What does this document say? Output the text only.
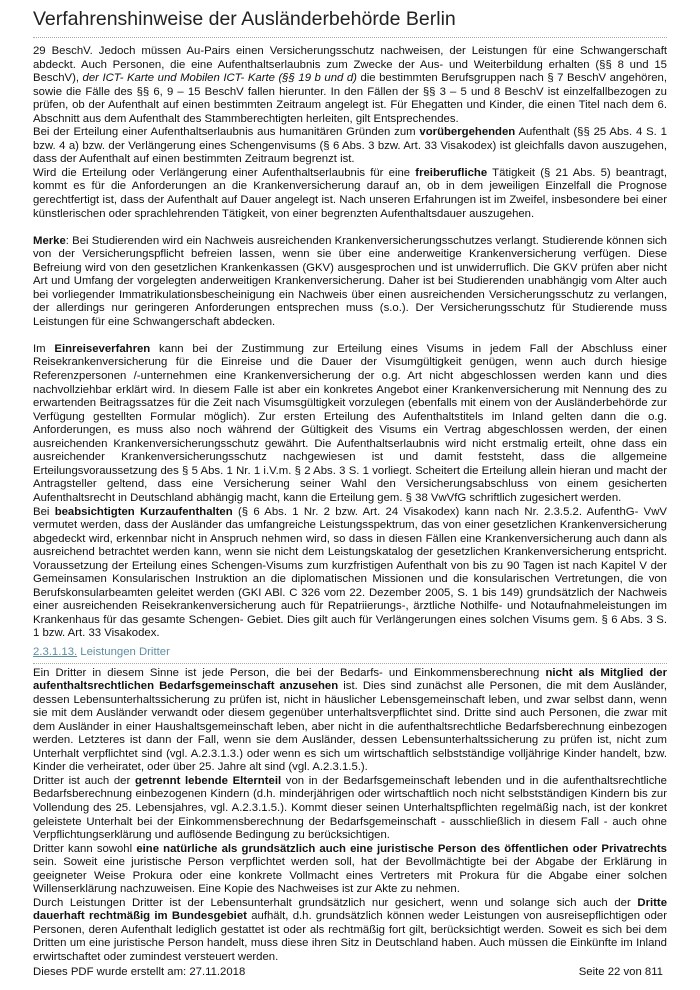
Verfahrenshinweise der Ausländerbehörde Berlin

29 BeschV. Jedoch müssen Au-Pairs einen Versicherungsschutz nachweisen, der Leistungen für eine Schwangerschaft abdeckt. Auch Personen, die eine Aufenthaltserlaubnis zum Zwecke der Aus- und Weiterbildung erhalten (§§ 8 und 15 BeschV), der ICT- Karte und Mobilen ICT- Karte (§§ 19 b und d) die bestimmten Berufsgruppen nach § 7 BeschV angehören, sowie die Fälle des §§ 6, 9 – 15 BeschV fallen hierunter. In den Fällen der §§ 3 – 5 und 8 BeschV ist einzelfallbezogen zu prüfen, ob der Aufenthalt auf einen bestimmten Zeitraum angelegt ist. Für Ehegatten und Kinder, die einen Titel nach dem 6. Abschnitt aus dem Aufenthalt des Stammberechtigten herleiten, gilt Entsprechendes.

Bei der Erteilung einer Aufenthaltserlaubnis aus humanitären Gründen zum vorübergehenden Aufenthalt (§§ 25 Abs. 4 S. 1 bzw. 4 a) bzw. der Verlängerung eines Schengenvisums (§ 6 Abs. 3 bzw. Art. 33 Visakodex) ist gleichfalls davon auszugehen, dass der Aufenthalt auf einen bestimmten Zeitraum begrenzt ist.

Wird die Erteilung oder Verlängerung einer Aufenthaltserlaubnis für eine freiberufliche Tätigkeit (§ 21 Abs. 5) beantragt, kommt es für die Anforderungen an die Krankenversicherung darauf an, ob in dem jeweiligen Einzelfall die Prognose gerechtfertigt ist, dass der Aufenthalt auf Dauer angelegt ist. Nach unseren Erfahrungen ist im Zweifel, insbesondere bei einer künstlerischen oder sprachlehrenden Tätigkeit, von einer begrenzten Aufenthaltsdauer auszugehen.

Merke: Bei Studierenden wird ein Nachweis ausreichenden Krankenversicherungsschutzes verlangt. Studierende können sich von der Versicherungspflicht befreien lassen, wenn sie über eine anderweitige Krankenversicherung verfügen. Diese Befreiung wird von den gesetzlichen Krankenkassen (GKV) ausgesprochen und ist unwiderruflich. Die GKV prüfen aber nicht Art und Umfang der vorgelegten anderweitigen Krankenversicherung. Daher ist bei Studierenden unabhängig vom Alter auch bei vorliegender Immatrikulationsbescheinigung ein Nachweis über einen ausreichenden Versicherungsschutz zu verlangen, der allerdings nur geringeren Anforderungen entsprechen muss (s.o.). Der Versicherungsschutz für Studierende muss Leistungen für eine Schwangerschaft abdecken.

Im Einreiseverfahren kann bei der Zustimmung zur Erteilung eines Visums in jedem Fall der Abschluss einer Reisekrankenversicherung für die Einreise und die Dauer der Visumgültigkeit genügen, wenn auch durch hiesige Referenzpersonen /-unternehmen eine Krankenversicherung der o.g. Art nicht abgeschlossen werden kann und dies nachvollziehbar erklärt wird. In diesem Falle ist aber ein konkretes Angebot einer Krankenversicherung mit Nennung des zu erwartenden Beitragssatzes für die Zeit nach Visumsgültigkeit vorzulegen (ebenfalls mit einem von der Ausländerbehörde zur Verfügung gestellten Formular möglich). Zur ersten Erteilung des Aufenthaltstitels im Inland gelten dann die o.g. Anforderungen, es muss also noch während der Gültigkeit des Visums ein Vertrag abgeschlossen werden, der einen ausreichenden Krankenversicherungsschutz gewährt. Die Aufenthaltserlaubnis wird nicht erstmalig erteilt, ohne dass ein ausreichender Krankenversicherungsschutz nachgewiesen ist und damit feststeht, dass die allgemeine Erteilungsvoraussetzung des § 5 Abs. 1 Nr. 1 i.V.m. § 2 Abs. 3 S. 1 vorliegt. Scheitert die Erteilung allein hieran und macht der Antragsteller geltend, dass eine Versicherung seiner Wahl den Versicherungsabschluss von einem gesicherten Aufenthaltsrecht in Deutschland abhängig macht, kann die Erteilung gem. § 38 VwVfG schriftlich zugesichert werden.

Bei beabsichtigten Kurzaufenthalten (§ 6 Abs. 1 Nr. 2 bzw. Art. 24 Visakodex) kann nach Nr. 2.3.5.2. AufenthG- VwV vermutet werden, dass der Ausländer das umfangreiche Leistungsspektrum, das von einer gesetzlichen Krankenversicherung abgedeckt wird, erkennbar nicht in Anspruch nehmen wird, so dass in diesen Fällen eine Krankenversicherung auch dann als ausreichend betrachtet werden kann, wenn sie nicht dem Leistungskatalog der gesetzlichen Krankenversicherung entspricht. Voraussetzung der Erteilung eines Schengen-Visums zum kurzfristigen Aufenthalt von bis zu 90 Tagen ist nach Kapitel V der Gemeinsamen Konsularischen Instruktion an die diplomatischen Missionen und die konsularischen Vertretungen, die von Berufskonsularbeamten geleitet werden (GKI ABl. C 326 vom 22. Dezember 2005, S. 1 bis 149) grundsätzlich der Nachweis einer ausreichenden Reisekrankenversicherung auch für Repatriierungs-, ärztliche Nothilfe- und Notaufnahmeleistungen im Krankenhaus für das gesamte Schengen- Gebiet. Dies gilt auch für Verlängerungen eines solchen Visums gem. § 6 Abs. 3 S. 1 bzw. Art. 33 Visakodex.

2.3.1.13. Leistungen Dritter

Ein Dritter in diesem Sinne ist jede Person, die bei der Bedarfs- und Einkommensberechnung nicht als Mitglied der aufenthaltsrechtlichen Bedarfsgemeinschaft anzusehen ist. Dies sind zunächst alle Personen, die mit dem Ausländer, dessen Lebensunterhaltssicherung zu prüfen ist, nicht in häuslicher Lebensgemeinschaft leben, und zwar selbst dann, wenn sie mit dem Ausländer verwandt oder diesem gegenüber unterhaltsverpflichtet sind. Dritte sind auch Personen, die zwar mit dem Ausländer in einer Haushaltsgemeinschaft leben, aber nicht in die aufenthaltsrechtliche Bedarfsberechnung einbezogen werden. Letzteres ist dann der Fall, wenn sie dem Ausländer, dessen Lebensunterhaltssicherung zu prüfen ist, nicht zum Unterhalt verpflichtet sind (vgl. A.2.3.1.3.) oder wenn es sich um wirtschaftlich selbstständige volljährige Kinder handelt, bzw. Kinder die verheiratet, oder über 25. Jahre alt sind (vgl. A.2.3.1.5.).

Dritter ist auch der getrennt lebende Elternteil von in der Bedarfsgemeinschaft lebenden und in die aufenthaltsrechtliche Bedarfsberechnung einbezogenen Kindern (d.h. minderjährigen oder wirtschaftlich noch nicht selbstständigen Kindern bis zur Vollendung des 25. Lebensjahres, vgl. A.2.3.1.5.). Kommt dieser seinen Unterhaltspflichten regelmäßig nach, ist der konkret geleistete Unterhalt bei der Einkommensberechnung der Bedarfsgemeinschaft - ausschließlich in diesem Fall - auch ohne Verpflichtungserklärung und auflösende Bedingung zu berücksichtigen.

Dritter kann sowohl eine natürliche als grundsätzlich auch eine juristische Person des öffentlichen oder Privatrechts sein. Soweit eine juristische Person verpflichtet werden soll, hat der Bevollmächtigte bei der Abgabe der Erklärung in geeigneter Weise Prokura oder eine konkrete Vollmacht eines Vertreters mit Prokura für die Abgabe einer solchen Willenserklärung nachzuweisen. Eine Kopie des Nachweises ist zur Akte zu nehmen.

Durch Leistungen Dritter ist der Lebensunterhalt grundsätzlich nur gesichert, wenn und solange sich auch der Dritte dauerhaft rechtmäßig im Bundesgebiet aufhält, d.h. grundsätzlich können weder Leistungen von ausreisepflichtigen oder Personen, deren Aufenthalt lediglich gestattet ist oder als rechtmäßig fort gilt, berücksichtigt werden. Soweit es sich bei dem Dritten um eine juristische Person handelt, muss diese ihren Sitz in Deutschland haben. Auch müssen die Einkünfte im Inland erwirtschaftet oder zumindest versteuert werden.

Dieses PDF wurde erstellt am: 27.11.2018	Seite 22 von 811
